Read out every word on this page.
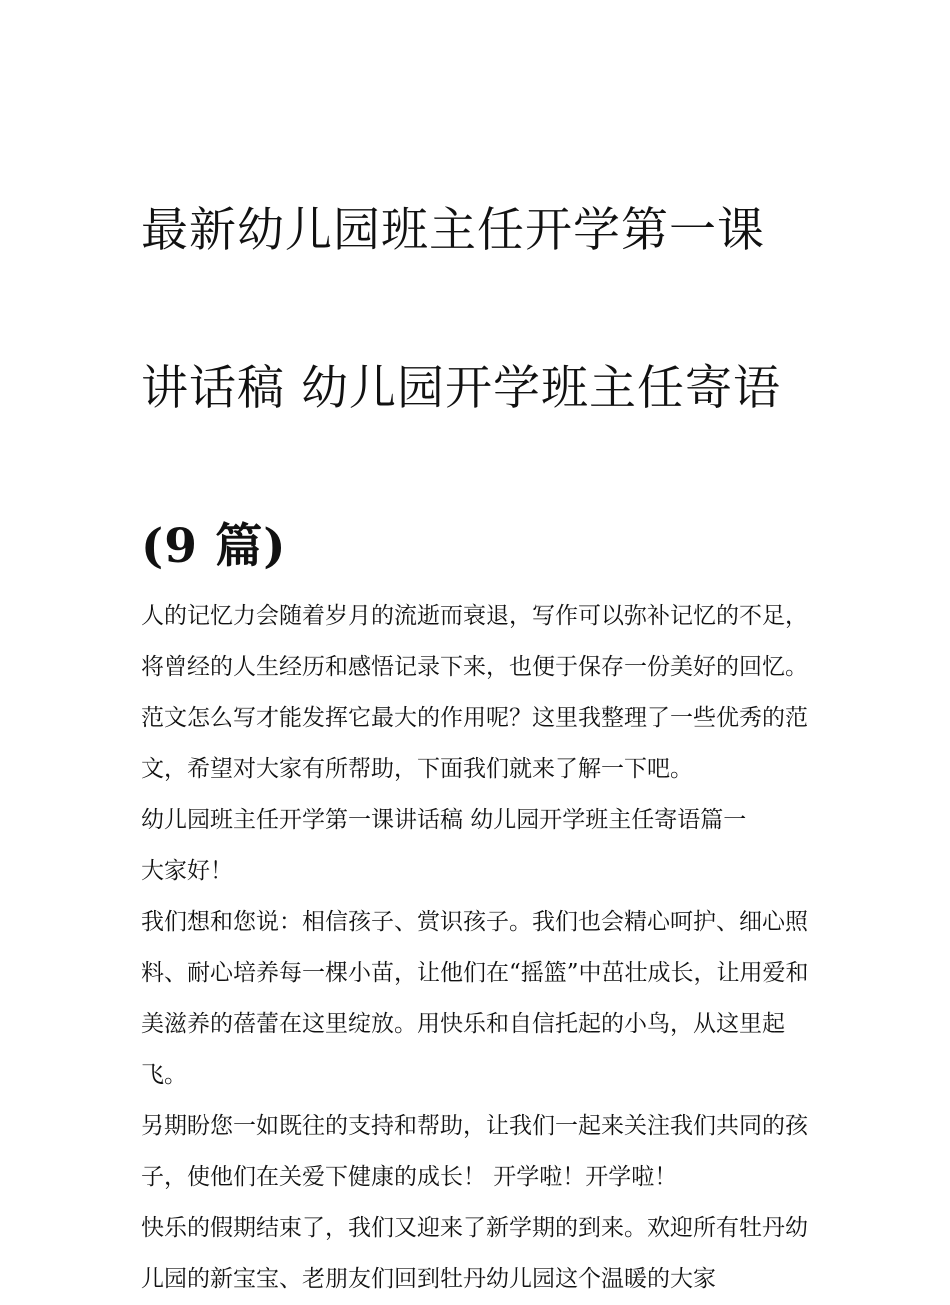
最新幼儿园班主任开学第一课

讲话稿 幼儿园开学班主任寄语

(9 篇)

人的记忆力会随着岁月的流逝而衰退，写作可以弥补记忆的不足，将曾经的人生经历和感悟记录下来，也便于保存一份美好的回忆。范文怎么写才能发挥它最大的作用呢？这里我整理了一些优秀的范文，希望对大家有所帮助，下面我们就来了解一下吧。

幼儿园班主任开学第一课讲话稿 幼儿园开学班主任寄语篇一

大家好！

我们想和您说：相信孩子、赏识孩子。我们也会精心呵护、细心照料、耐心培养每一棵小苗，让他们在“摇篮”中茁壮成长，让用爱和美滋养的蓓蕾在这里绽放。用快乐和自信托起的小鸟，从这里起飞。

另期盼您一如既往的支持和帮助，让我们一起来关注我们共同的孩子，使他们在关爱下健康的成长！ 开学啦！开学啦！

快乐的假期结束了，我们又迎来了新学期的到来。欢迎所有牡丹幼儿园的新宝宝、老朋友们回到牡丹幼儿园这个温暖的大家
